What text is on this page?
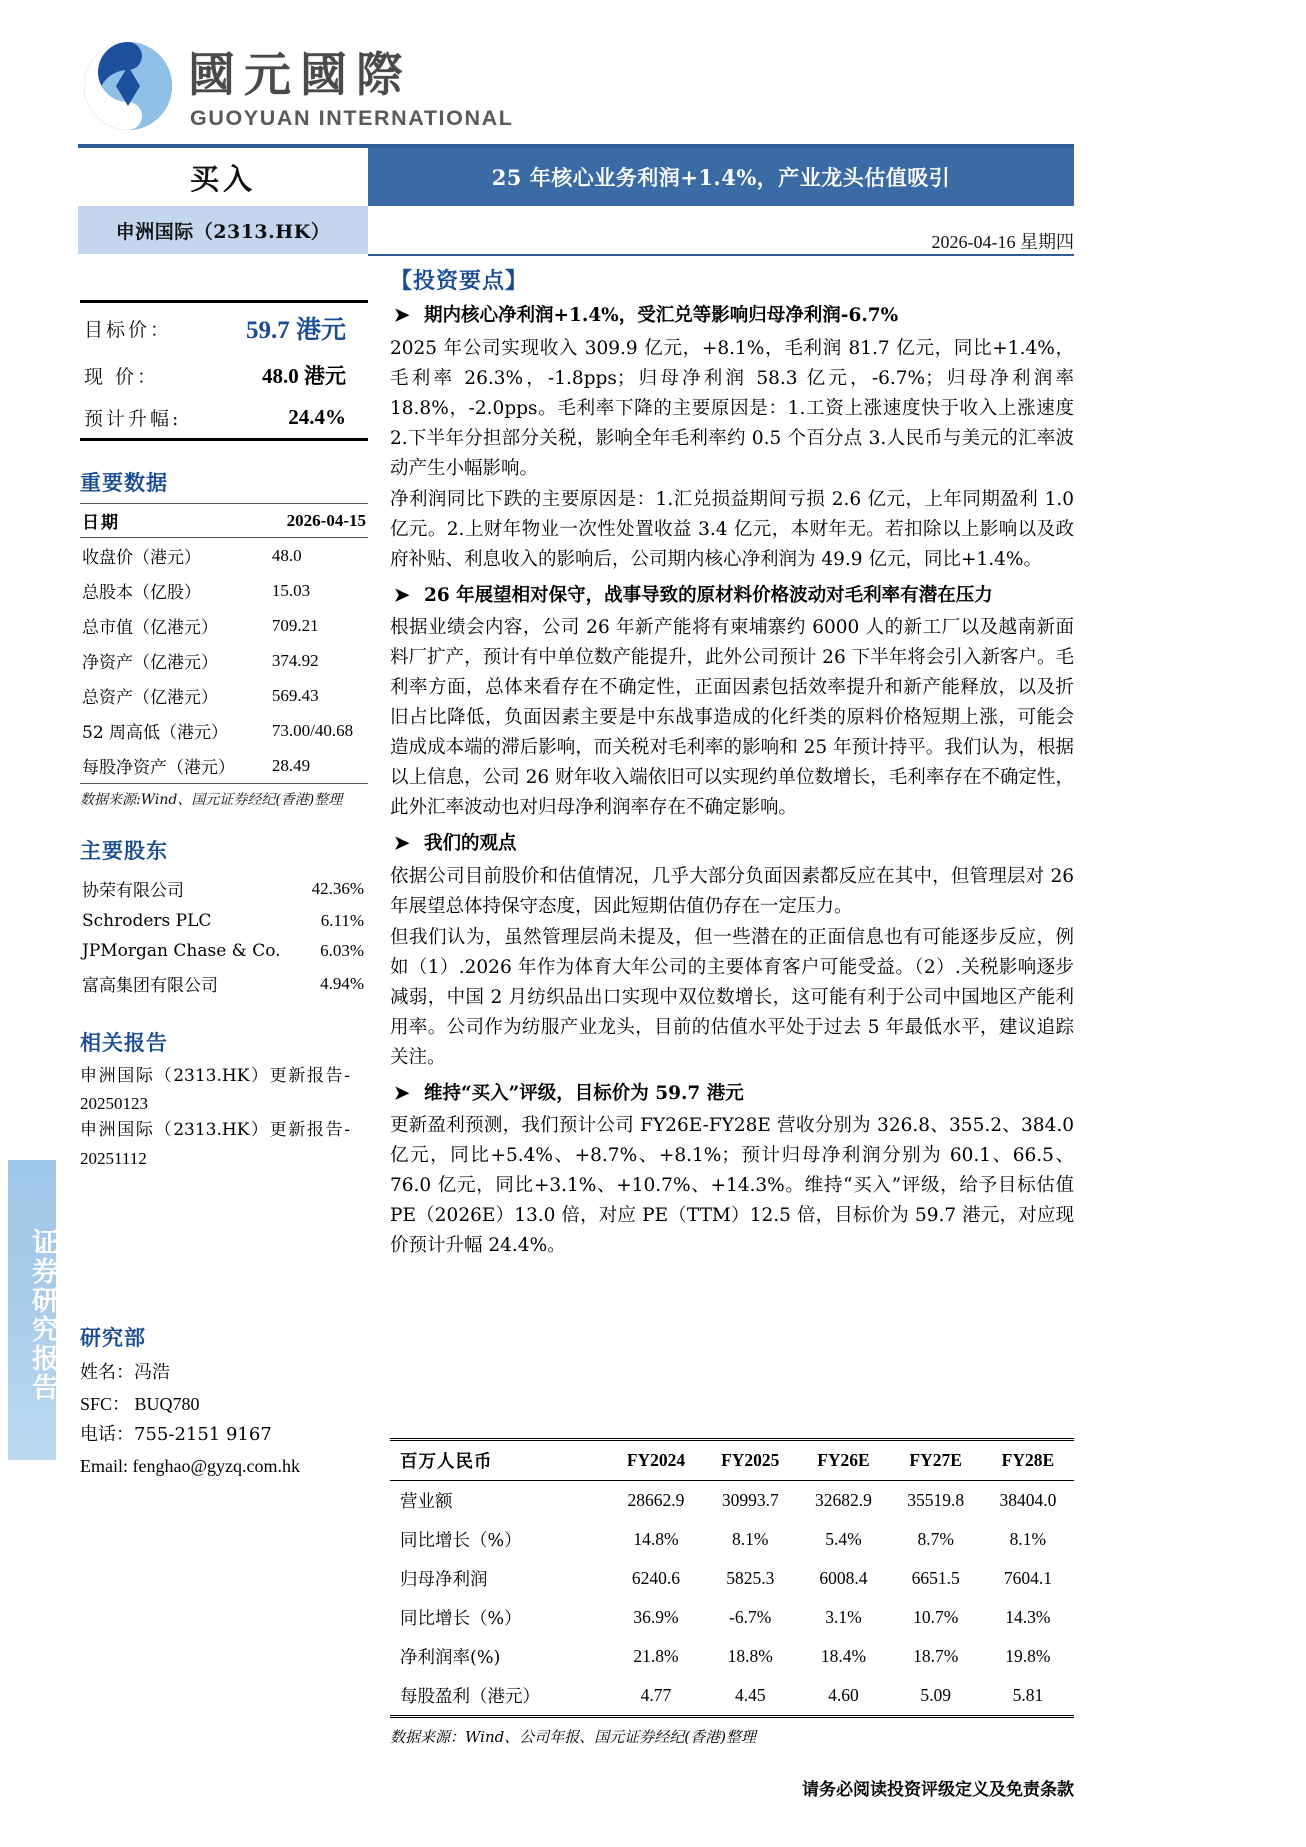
证券研究报告
國元國際
GUOYUAN INTERNATIONAL
买入	25 年核心业务利润+1.4%，产业龙头估值吸引
申洲国际（2313.HK）	2026-04-16 星期四
目标价：	59.7 港元
现 价：	48.0 港元
预计升幅:	24.4%
重要数据
日期	2026-04-15
收盘价（港元）	48.0
总股本（亿股）	15.03
总市值（亿港元）	709.21
净资产（亿港元）	374.92
总资产（亿港元）	569.43
52 周高低（港元）	73.00/40.68
每股净资产（港元）	28.49
数据来源:Wind、国元证券经纪(香港)整理
主要股东
协荣有限公司	42.36%
Schroders PLC	6.11%
JPMorgan Chase & Co.	6.03%
富高集团有限公司	4.94%
相关报告
申洲国际（2313.HK）更新报告-
20250123
申洲国际（2313.HK）更新报告-
20251112
研究部
姓名：冯浩
SFC： BUQ780
电话：755-2151 9167
Email: fenghao@gyzq.com.hk
【投资要点】
➤ 期内核心净利润+1.4%，受汇兑等影响归母净利润-6.7%

2025 年公司实现收入 309.9 亿元，+8.1%，毛利润 81.7 亿元，同比+1.4%，毛利率 26.3%，-1.8pps；归母净利润 58.3 亿元，-6.7%；归母净利润率 18.8%，-2.0pps。毛利率下降的主要原因是：1.工资上涨速度快于收入上涨速度 2.下半年分担部分关税，影响全年毛利率约 0.5 个百分点 3.人民币与美元的汇率波动产生小幅影响。

净利润同比下跌的主要原因是：1.汇兑损益期间亏损 2.6 亿元，上年同期盈利 1.0 亿元。2.上财年物业一次性处置收益 3.4 亿元，本财年无。若扣除以上影响以及政府补贴、利息收入的影响后，公司期内核心净利润为 49.9 亿元，同比+1.4%。

➤ 26 年展望相对保守，战事导致的原材料价格波动对毛利率有潜在压力

根据业绩会内容，公司 26 年新产能将有柬埔寨约 6000 人的新工厂以及越南新面料厂扩产，预计有中单位数产能提升，此外公司预计 26 下半年将会引入新客户。毛利率方面，总体来看存在不确定性，正面因素包括效率提升和新产能释放，以及折旧占比降低，负面因素主要是中东战事造成的化纤类的原料价格短期上涨，可能会造成成本端的滞后影响，而关税对毛利率的影响和 25 年预计持平。我们认为，根据以上信息，公司 26 财年收入端依旧可以实现约单位数增长，毛利率存在不确定性，此外汇率波动也对归母净利润率存在不确定影响。

➤ 我们的观点

依据公司目前股价和估值情况，几乎大部分负面因素都反应在其中，但管理层对 26 年展望总体持保守态度，因此短期估值仍存在一定压力。

但我们认为，虽然管理层尚未提及，但一些潜在的正面信息也有可能逐步反应，例如（1）.2026 年作为体育大年公司的主要体育客户可能受益。（2）.关税影响逐步减弱，中国 2 月纺织品出口实现中双位数增长，这可能有利于公司中国地区产能利用率。公司作为纺服产业龙头，目前的估值水平处于过去 5 年最低水平，建议追踪关注。

➤ 维持“买入”评级，目标价为 59.7 港元

更新盈利预测，我们预计公司 FY26E-FY28E 营收分别为 326.8、355.2、384.0 亿元，同比+5.4%、+8.7%、+8.1%；预计归母净利润分别为 60.1、66.5、76.0 亿元，同比+3.1%、+10.7%、+14.3%。维持“买入”评级，给予目标估值 PE（2026E）13.0 倍，对应 PE（TTM）12.5 倍，目标价为 59.7 港元，对应现价预计升幅 24.4%。

百万人民币	FY2024	FY2025	FY26E	FY27E	FY28E
营业额	28662.9	30993.7	32682.9	35519.8	38404.0
同比增长（%）	14.8%	8.1%	5.4%	8.7%	8.1%
归母净利润	6240.6	5825.3	6008.4	6651.5	7604.1
同比增长（%）	36.9%	-6.7%	3.1%	10.7%	14.3%
净利润率(%)	21.8%	18.8%	18.4%	18.7%	19.8%
每股盈利（港元）	4.77	4.45	4.60	5.09	5.81
数据来源：Wind、公司年报、国元证券经纪(香港)整理
请务必阅读投资评级定义及免责条款
